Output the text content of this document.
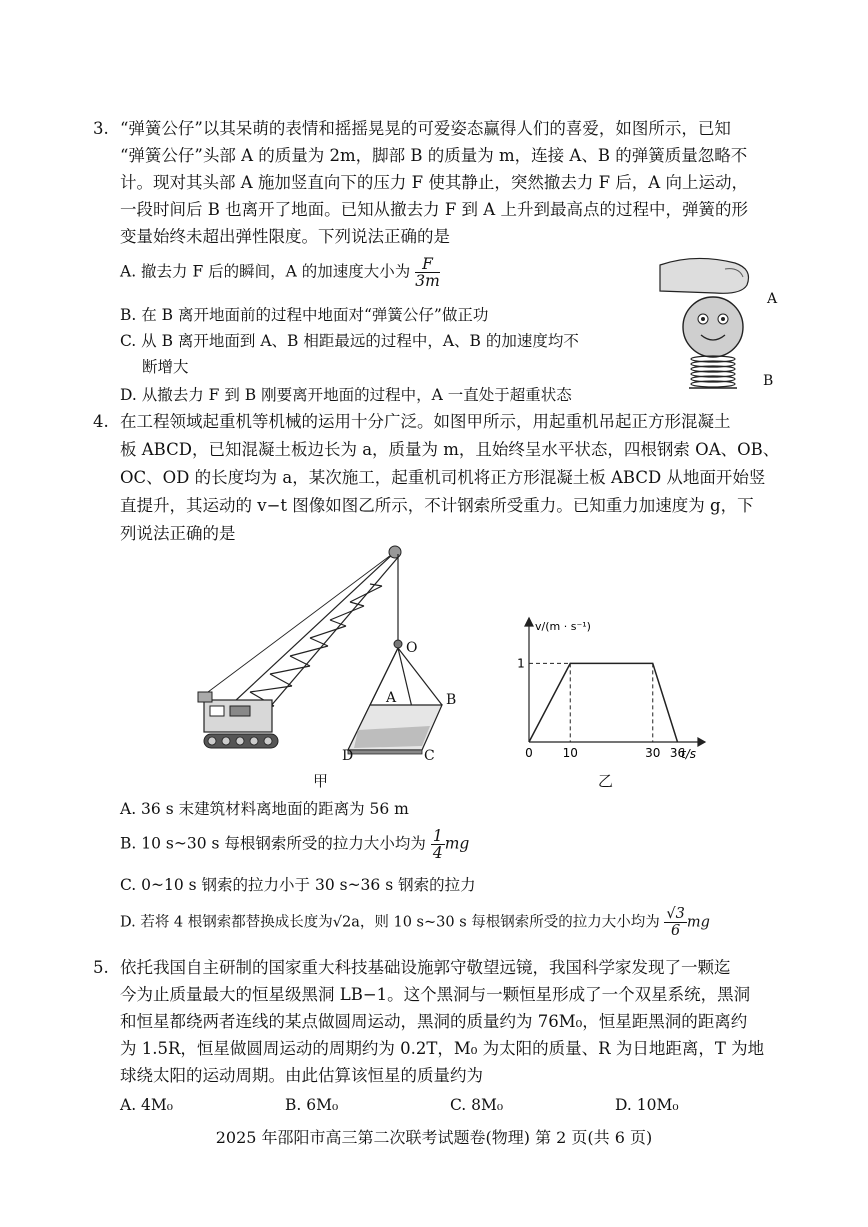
3. “弹簧公仔”以其呆萌的表情和摇摇晃晃的可爱姿态赢得人们的喜爱，如图所示，已知
“弹簧公仔”头部 A 的质量为 2m，脚部 B 的质量为 m，连接 A、B 的弹簧质量忽略不
计。现对其头部 A 施加竖直向下的压力 F 使其静止，突然撤去力 F 后，A 向上运动，
一段时间后 B 也离开了地面。已知从撤去力 F 到 A 上升到最高点的过程中，弹簧的形
变量始终未超出弹性限度。下列说法正确的是
A. 撤去力 F 后的瞬间，A 的加速度大小为 $\frac{F}{3m}$
B. 在 B 离开地面前的过程中地面对“弹簧公仔”做正功
C. 从 B 离开地面到 A、B 相距最远的过程中，A、B 的加速度均不
断增大
D. 从撤去力 F 到 B 刚要离开地面的过程中，A 一直处于超重状态
A
B
4. 在工程领域起重机等机械的运用十分广泛。如图甲所示，用起重机吊起正方形混凝土
板 ABCD，已知混凝土板边长为 a，质量为 m，且始终呈水平状态，四根钢索 OA、OB、
OC、OD 的长度均为 a，某次施工，起重机司机将正方形混凝土板 ABCD 从地面开始竖
直提升，其运动的 v−t 图像如图乙所示，不计钢索所受重力。已知重力加速度为 g，下
列说法正确的是
O
A	B
C
D
甲
0 10	30 36
1
v/(m · s⁻¹)
t/s
乙
A. 36 s 末建筑材料离地面的距离为 56 m
B. 10 s~30 s 每根钢索所受的拉力大小均为 $\frac{1}{4}$ mg
C. 0~10 s 钢索的拉力小于 30 s~36 s 钢索的拉力
D. 若将 4 根钢索都替换成长度为√2a，则 10 s~30 s 每根钢索所受的拉力大小均为 $\frac{√3}{6}$ mg
5. 依托我国自主研制的国家重大科技基础设施郭守敬望远镜，我国科学家发现了一颗迄
今为止质量最大的恒星级黑洞 LB−1。这个黑洞与一颗恒星形成了一个双星系统，黑洞
和恒星都绕两者连线的某点做圆周运动，黑洞的质量约为 76M₀，恒星距黑洞的距离约
为 1.5R，恒星做圆周运动的周期约为 0.2T，M₀ 为太阳的质量、R 为日地距离，T 为地
球绕太阳的运动周期。由此估算该恒星的质量约为
A. 4M₀	B. 6M₀	C. 8M₀	D. 10M₀
2025 年邵阳市高三第二次联考试题卷(物理) 第 2 页(共 6 页)
